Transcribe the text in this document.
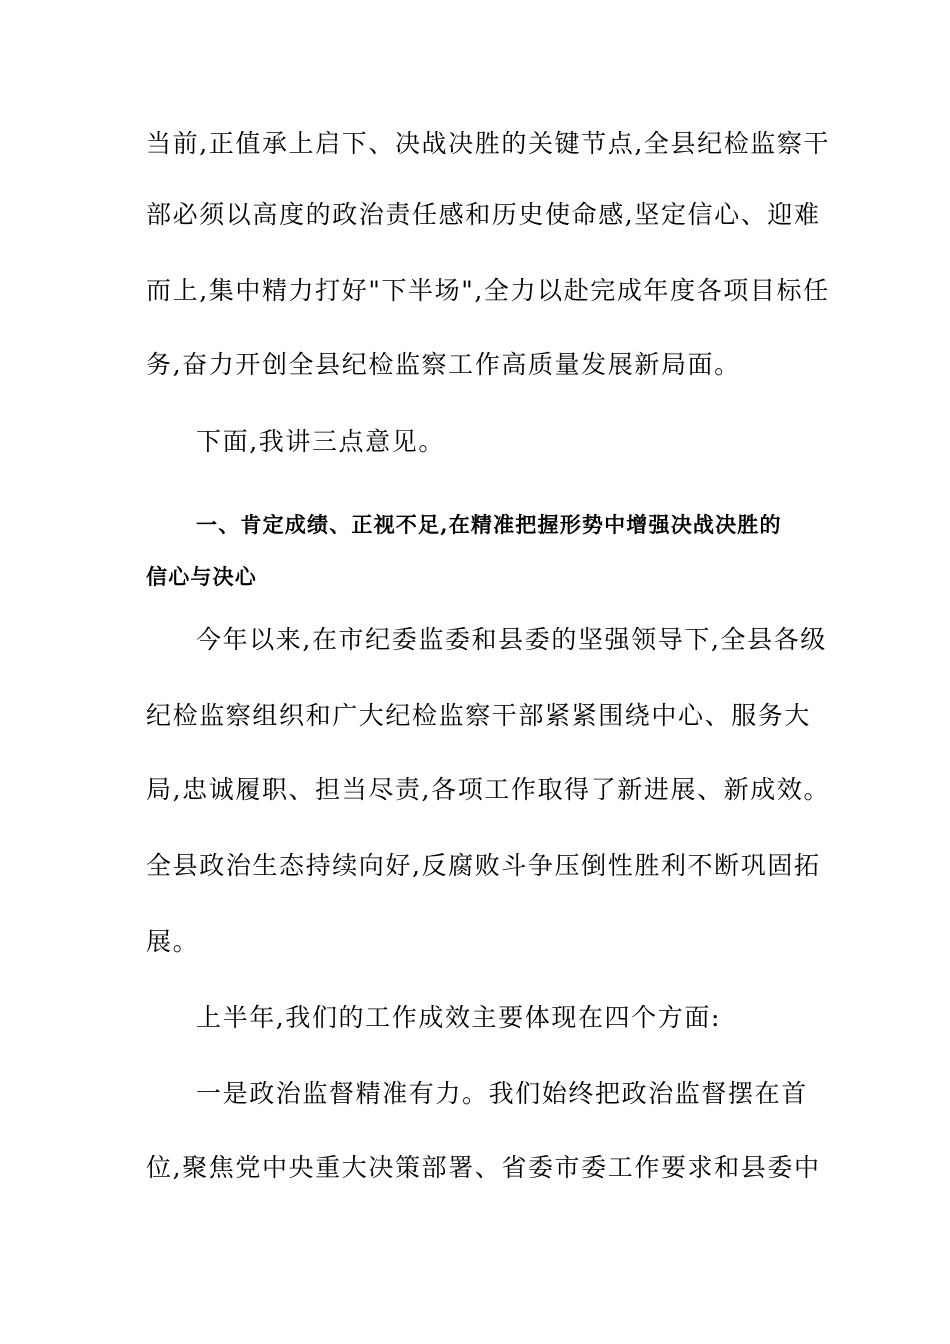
当前,正值承上启下、决战决胜的关键节点,全县纪检监察干
部必须以高度的政治责任感和历史使命感,坚定信心、迎难
而上,集中精力打好"下半场",全力以赴完成年度各项目标任
务,奋力开创全县纪检监察工作高质量发展新局面。
下面,我讲三点意见。
一、肯定成绩、正视不足,在精准把握形势中增强决战决胜的
信心与决心
今年以来,在市纪委监委和县委的坚强领导下,全县各级
纪检监察组织和广大纪检监察干部紧紧围绕中心、服务大
局,忠诚履职、担当尽责,各项工作取得了新进展、新成效。
全县政治生态持续向好,反腐败斗争压倒性胜利不断巩固拓
展。
上半年,我们的工作成效主要体现在四个方面:
一是政治监督精准有力。我们始终把政治监督摆在首
位,聚焦党中央重大决策部署、省委市委工作要求和县委中
